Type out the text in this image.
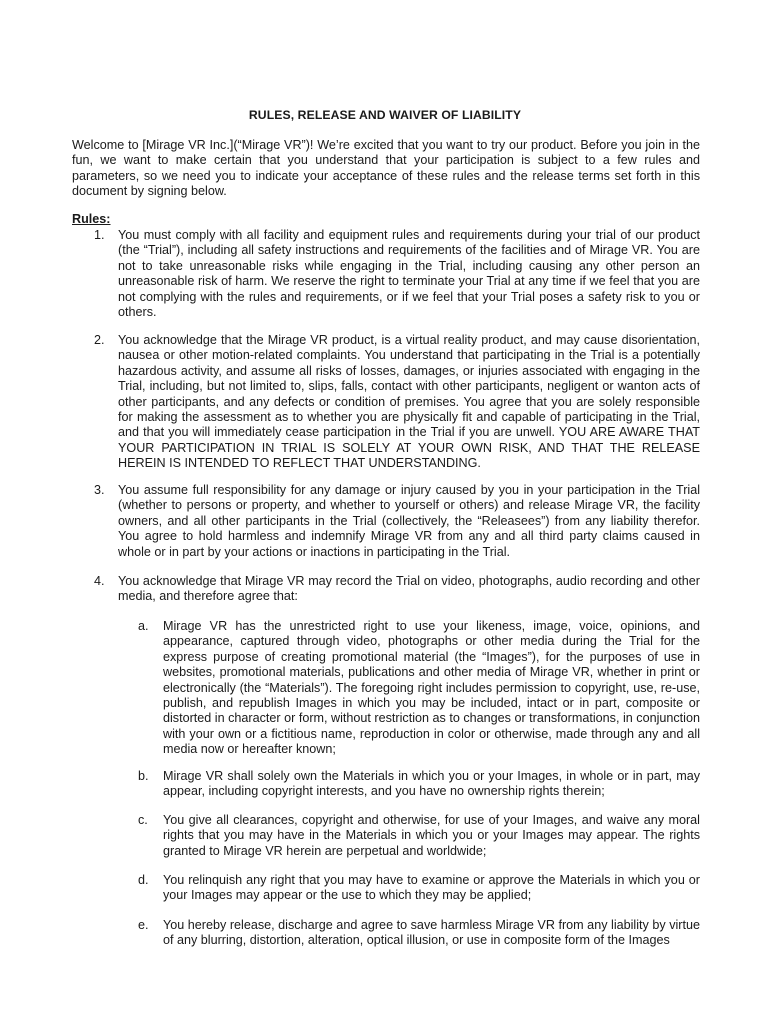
RULES, RELEASE AND WAIVER OF LIABILITY
Welcome to [Mirage VR Inc.](“Mirage VR”)! We’re excited that you want to try our product. Before you join in the fun, we want to make certain that you understand that your participation is subject to a few rules and parameters, so we need you to indicate your acceptance of these rules and the release terms set forth in this document by signing below.
Rules:
1. You must comply with all facility and equipment rules and requirements during your trial of our product (the “Trial”), including all safety instructions and requirements of the facilities and of Mirage VR. You are not to take unreasonable risks while engaging in the Trial, including causing any other person an unreasonable risk of harm. We reserve the right to terminate your Trial at any time if we feel that you are not complying with the rules and requirements, or if we feel that your Trial poses a safety risk to you or others.
2. You acknowledge that the Mirage VR product, is a virtual reality product, and may cause disorientation, nausea or other motion-related complaints. You understand that participating in the Trial is a potentially hazardous activity, and assume all risks of losses, damages, or injuries associated with engaging in the Trial, including, but not limited to, slips, falls, contact with other participants, negligent or wanton acts of other participants, and any defects or condition of premises. You agree that you are solely responsible for making the assessment as to whether you are physically fit and capable of participating in the Trial, and that you will immediately cease participation in the Trial if you are unwell. YOU ARE AWARE THAT YOUR PARTICIPATION IN TRIAL IS SOLELY AT YOUR OWN RISK, AND THAT THE RELEASE HEREIN IS INTENDED TO REFLECT THAT UNDERSTANDING.
3. You assume full responsibility for any damage or injury caused by you in your participation in the Trial (whether to persons or property, and whether to yourself or others) and release Mirage VR, the facility owners, and all other participants in the Trial (collectively, the “Releasees”) from any liability therefor. You agree to hold harmless and indemnify Mirage VR from any and all third party claims caused in whole or in part by your actions or inactions in participating in the Trial.
4. You acknowledge that Mirage VR may record the Trial on video, photographs, audio recording and other media, and therefore agree that:
a. Mirage VR has the unrestricted right to use your likeness, image, voice, opinions, and appearance, captured through video, photographs or other media during the Trial for the express purpose of creating promotional material (the “Images”), for the purposes of use in websites, promotional materials, publications and other media of Mirage VR, whether in print or electronically (the “Materials”). The foregoing right includes permission to copyright, use, re-use, publish, and republish Images in which you may be included, intact or in part, composite or distorted in character or form, without restriction as to changes or transformations, in conjunction with your own or a fictitious name, reproduction in color or otherwise, made through any and all media now or hereafter known;
b. Mirage VR shall solely own the Materials in which you or your Images, in whole or in part, may appear, including copyright interests, and you have no ownership rights therein;
c. You give all clearances, copyright and otherwise, for use of your Images, and waive any moral rights that you may have in the Materials in which you or your Images may appear. The rights granted to Mirage VR herein are perpetual and worldwide;
d. You relinquish any right that you may have to examine or approve the Materials in which you or your Images may appear or the use to which they may be applied;
e. You hereby release, discharge and agree to save harmless Mirage VR from any liability by virtue of any blurring, distortion, alteration, optical illusion, or use in composite form of the Images
